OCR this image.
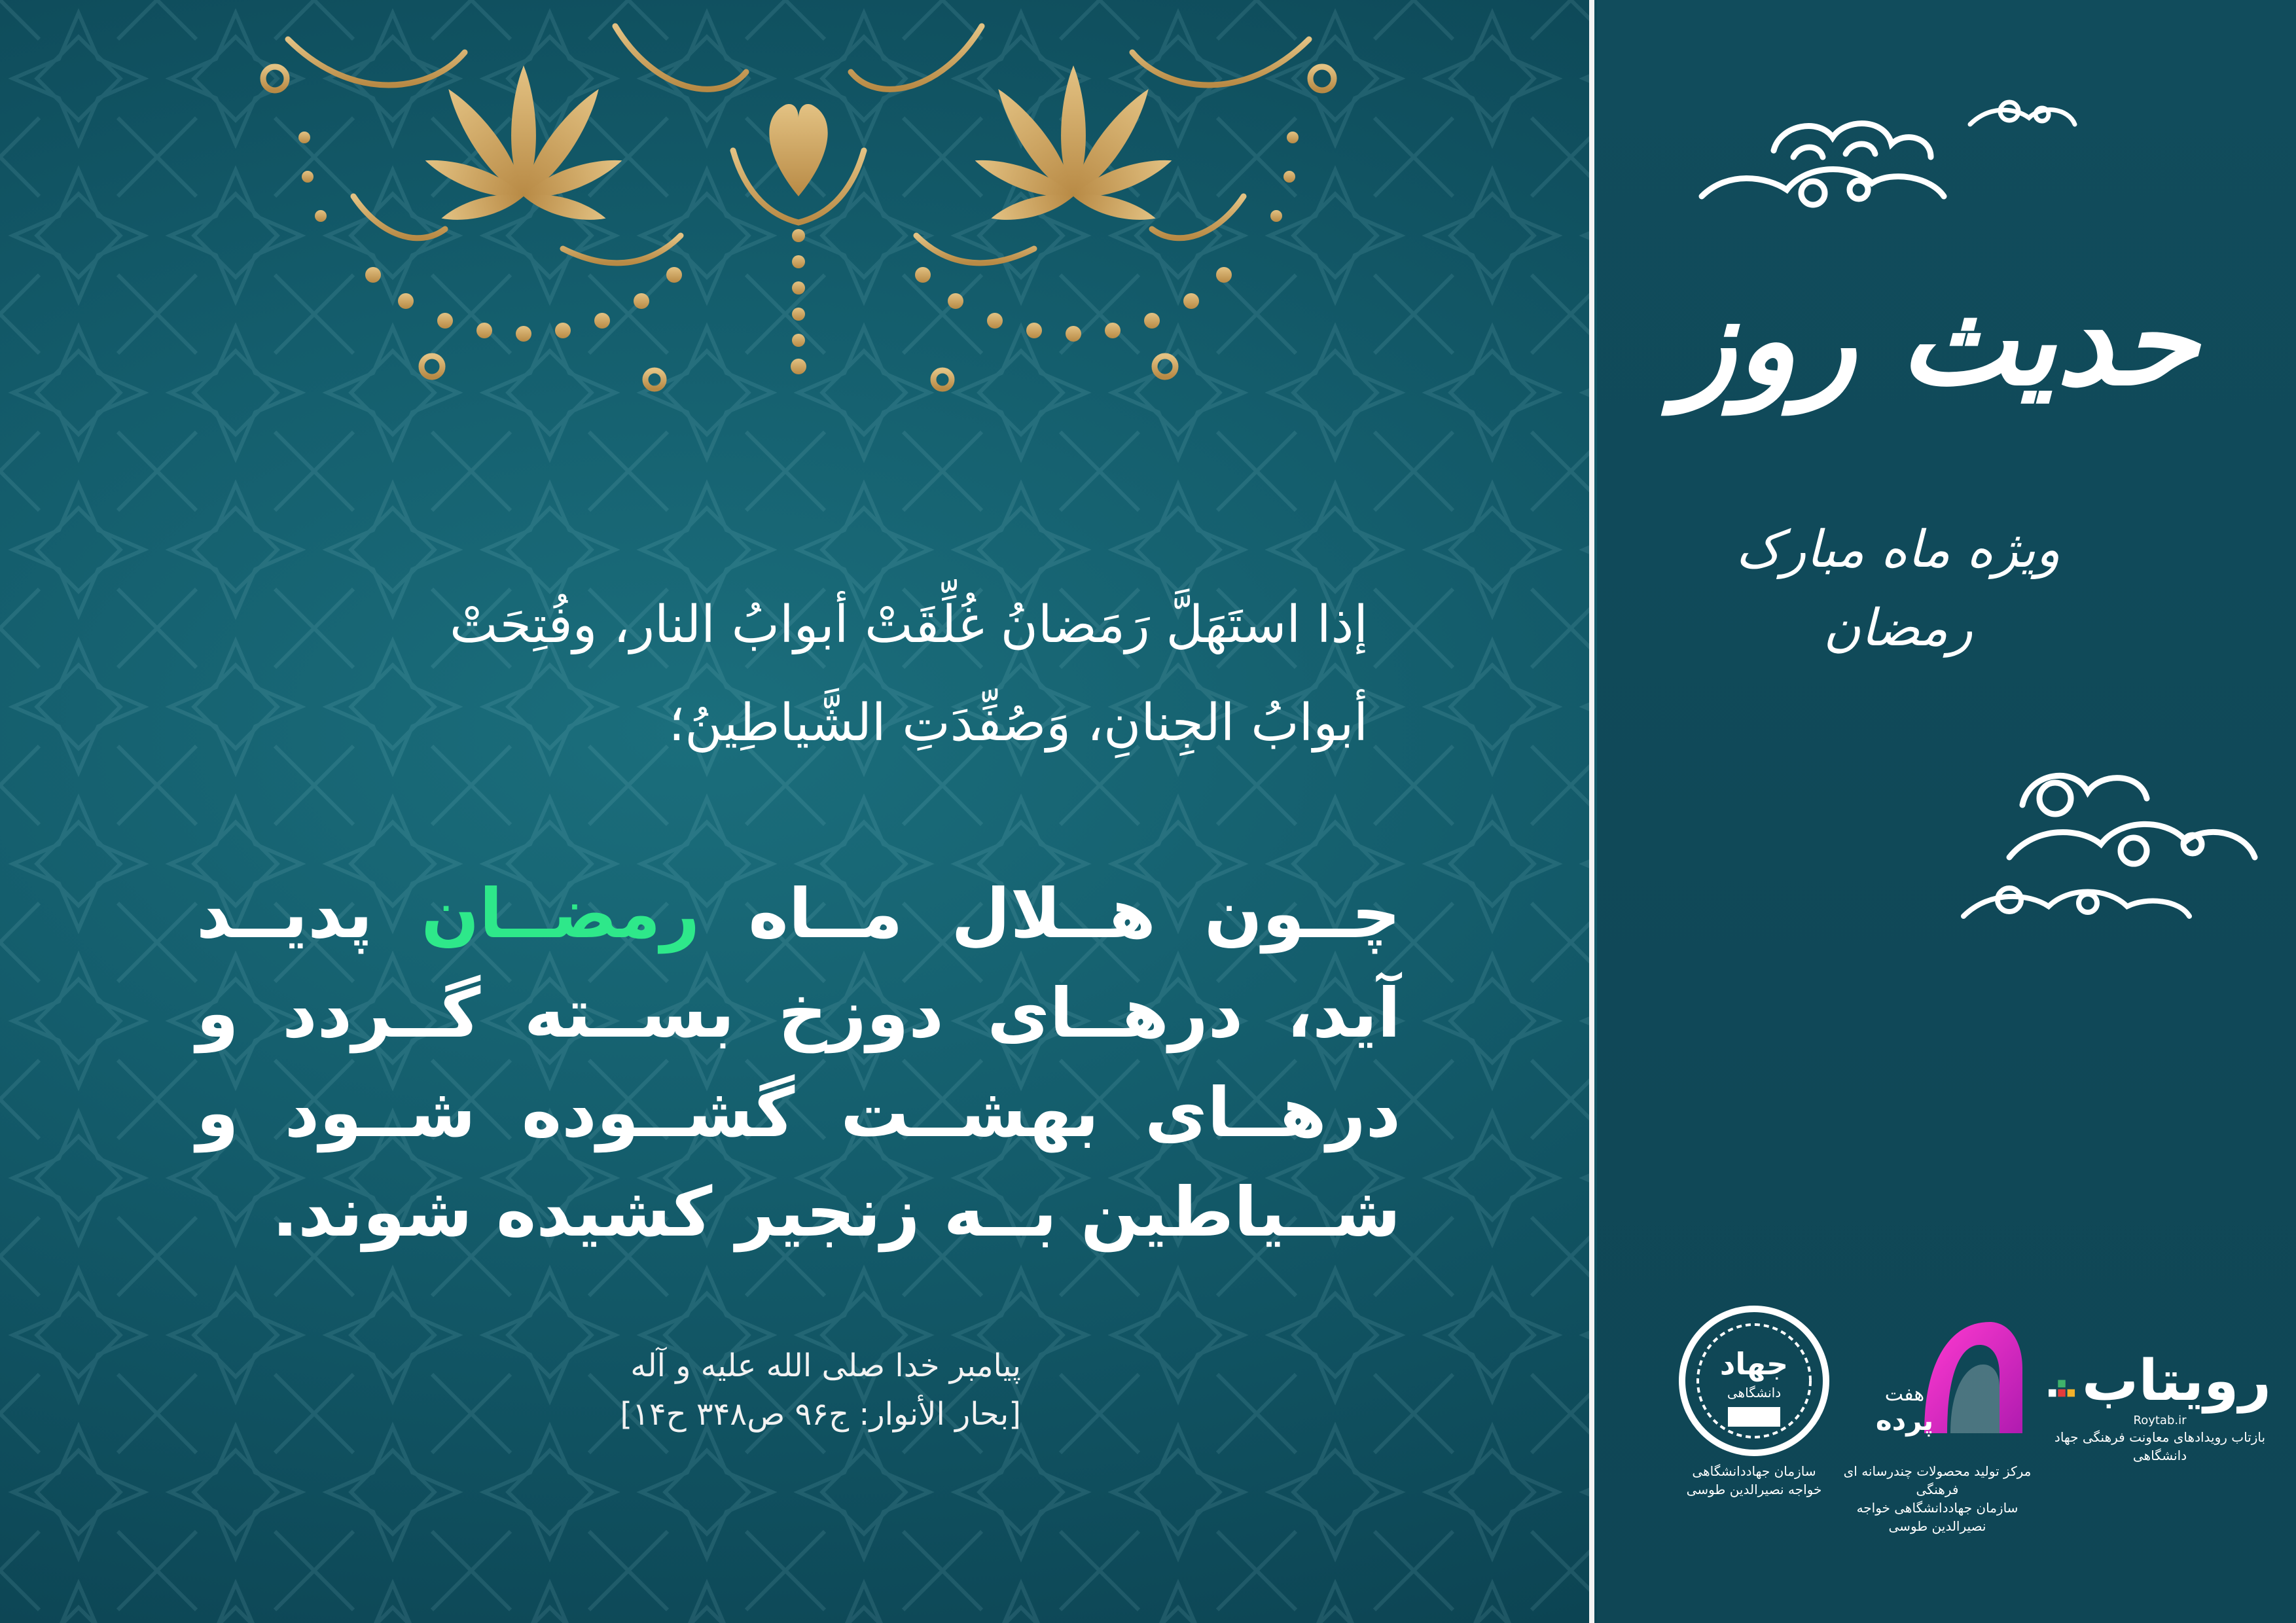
إذا استَهَلَّ رَمَضانُ غُلِّقَتْ أبوابُ النار، وفُتِحَتْ
أبوابُ الجِنانِ، وَصُفِّدَتِ الشَّياطِينُ؛
چــون هــلال مــاه رمضــان پدیــد آید، درهــای دوزخ بســته گــردد و درهــای بهشــت گشــوده شــود و شــیاطین بــه زنجیر کشیده شوند.
پیامبر خدا صلی الله علیه و آله
[بحار الأنوار: ج۹۶ ص۳۴۸ ح۱۴]
حدیث روز
ویژه ماه مبارک
رمضان
جهاد
دانشگاهی
سازمان جهاددانشگاهی
خواجه نصیرالدین طوسی
هفت
پرده
مرکز تولید محصولات چندرسانه ای فرهنگی
سازمان جهاددانشگاهی خواجه نصیرالدین طوسی
رویتاب
Roytab.ir
بازتاب رویدادهای معاونت فرهنگی جهاد دانشگاهی
